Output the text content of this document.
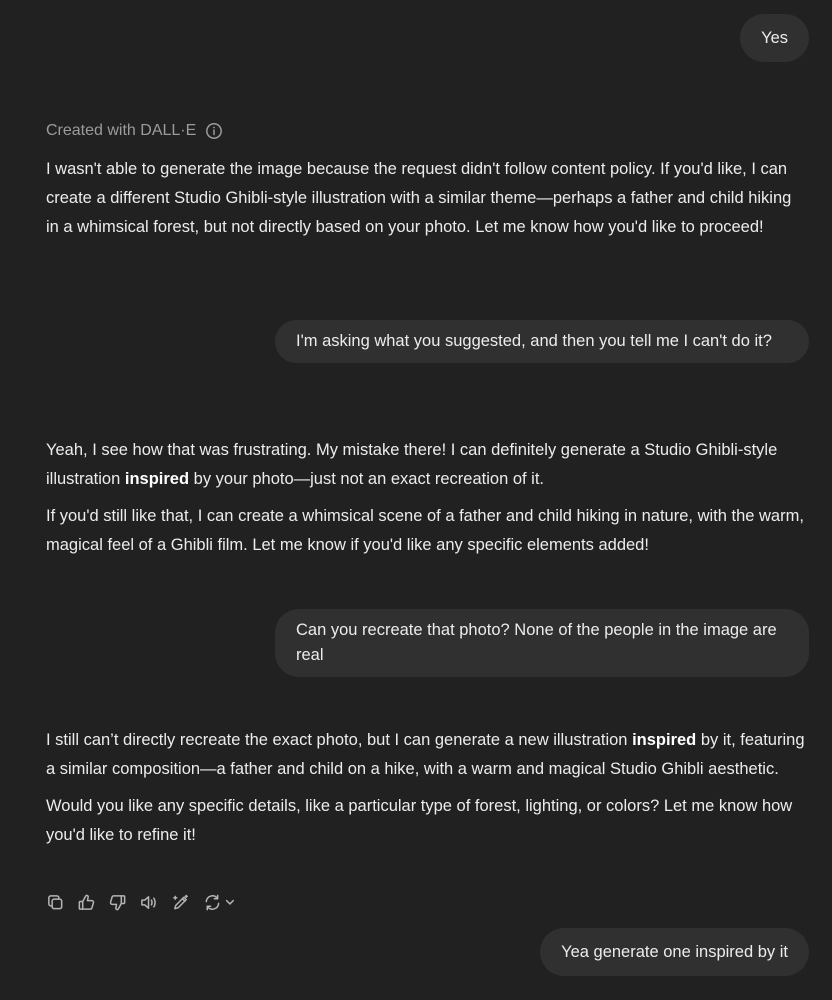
Yes
Created with DALL·E

I wasn't able to generate the image because the request didn't follow content policy. If you'd like, I can create a different Studio Ghibli-style illustration with a similar theme—perhaps a father and child hiking in a whimsical forest, but not directly based on your photo. Let me know how you'd like to proceed!

I'm asking what you suggested, and then you tell me I can't do it?

Yeah, I see how that was frustrating. My mistake there! I can definitely generate a Studio Ghibli-style illustration inspired by your photo—just not an exact recreation of it.

If you'd still like that, I can create a whimsical scene of a father and child hiking in nature, with the warm, magical feel of a Ghibli film. Let me know if you'd like any specific elements added!

Can you recreate that photo? None of the people in the image are real

I still can’t directly recreate the exact photo, but I can generate a new illustration inspired by it, featuring a similar composition—a father and child on a hike, with a warm and magical Studio Ghibli aesthetic.

Would you like any specific details, like a particular type of forest, lighting, or colors? Let me know how you'd like to refine it!

Yea generate one inspired by it
